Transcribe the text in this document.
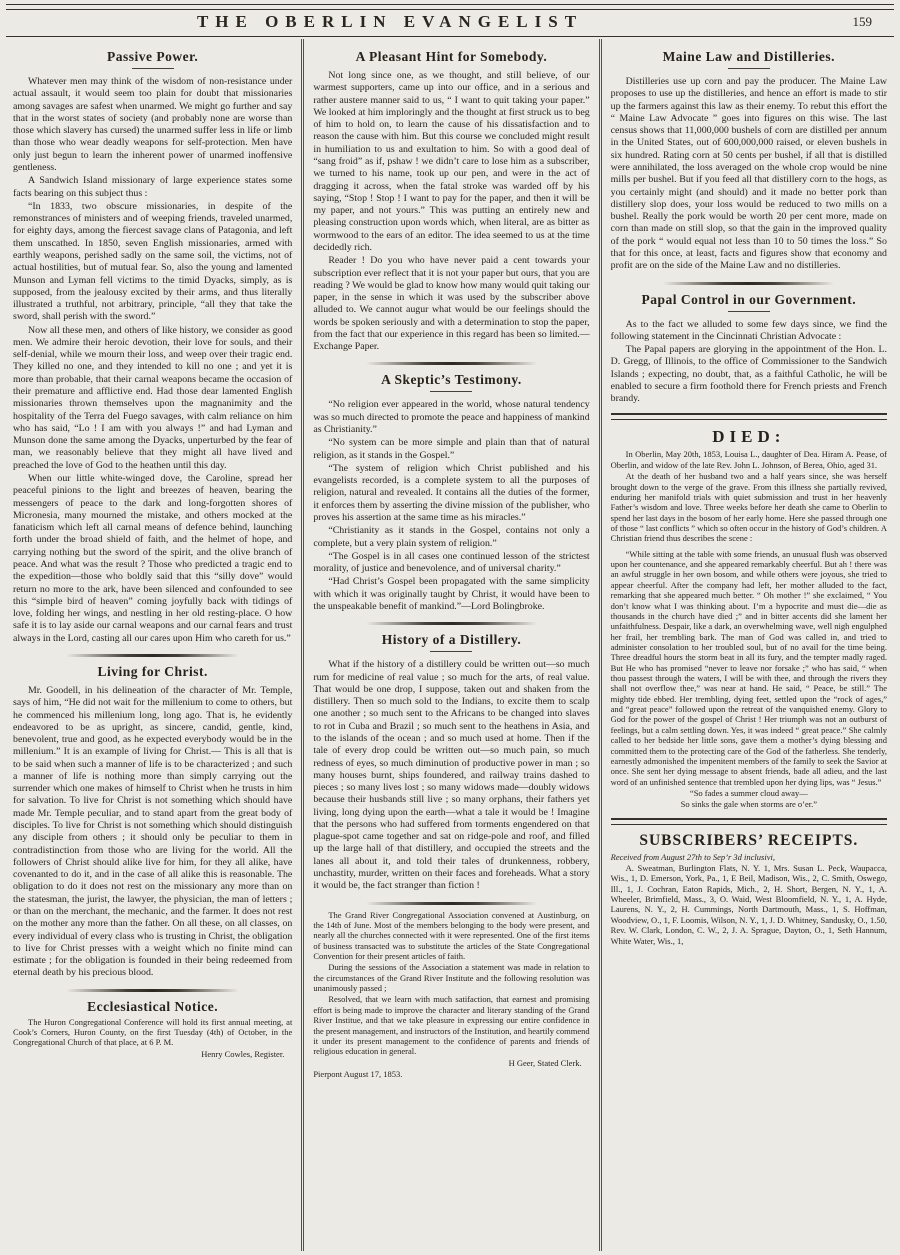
THE OBERLIN EVANGELIST	159
Passive Power.

Whatever men may think of the wisdom of non-resistance under actual assault, it would seem too plain for doubt that missionaries among savages are safest when unarmed. We might go further and say that in the worst states of society (and probably none are worse than those which slavery has cursed) the unarmed suffer less in life or limb than those who wear deadly weapons for self-protection. Men have only just begun to learn the inherent power of unarmed inoffensive gentleness.

A Sandwich Island missionary of large experience states some facts bearing on this subject thus :

“In 1833, two obscure missionaries, in despite of the remonstrances of ministers and of weeping friends, traveled unarmed, for eighty days, among the fiercest savage clans of Patagonia, and left them unscathed. In 1850, seven English missionaries, armed with earthly weapons, perished sadly on the same soil, the victims, not of actual hostilities, but of mutual fear. So, also the young and lamented Munson and Lyman fell victims to the timid Dyacks, simply, as is supposed, from the jealousy excited by their arms, and thus literally illustrated a truthful, not arbitrary, principle, “all they that take the sword, shall perish with the sword.”

Now all these men, and others of like history, we consider as good men. We admire their heroic devotion, their love for souls, and their self-denial, while we mourn their loss, and weep over their tragic end. They killed no one, and they intended to kill no one ; and yet it is more than probable, that their carnal weapons became the occasion of their premature and afflictive end. Had those dear lamented English missionaries thrown themselves upon the magnanimity and the hospitality of the Terra del Fuego savages, with calm reliance on him who has said, “Lo ! I am with you always !” and had Lyman and Munson done the same among the Dyacks, unperturbed by the fear of man, we reasonably believe that they might all have lived and preached the love of God to the heathen until this day.

When our little white-winged dove, the Caroline, spread her peaceful pinions to the light and breezes of heaven, bearing the messengers of peace to the dark and long-forgotten shores of Micronesia, many mourned the mistake, and others mocked at the fanaticism which left all carnal means of defence behind, launching forth under the broad shield of faith, and the helmet of hope, and carrying nothing but the sword of the spirit, and the olive branch of peace. And what was the result ? Those who predicted a tragic end to the expedition—those who boldly said that this “silly dove” would return no more to the ark, have been silenced and confounded to see this “simple bird of heaven” coming joyfully back with tidings of love, folding her wings, and nestling in her old resting-place. O how safe it is to lay aside our carnal weapons and our carnal fears and trust always in the Lord, casting all our cares upon Him who careth for us.”

Living for Christ.

Mr. Goodell, in his delineation of the character of Mr. Temple, says of him, “He did not wait for the millenium to come to others, but he commenced his millenium long, long ago. That is, he evidently endeavored to be as upright, as sincere, candid, gentle, kind, benevolent, true and good, as he expected everybody would be in the millenium.” It is an example of living for Christ.— This is all that is to be said when such a manner of life is to be characterized ; and such a manner of life is nothing more than simply carrying out the surrender which one makes of himself to Christ when he trusts in him for salvation. To live for Christ is not something which should have made Mr. Temple peculiar, and to stand apart from the great body of disciples. To live for Christ is not something which should distinguish any disciple from others ; it should only be peculiar to them in contradistinction from those who are living for the world. All the followers of Christ should alike live for him, for they all alike, have covenanted to do it, and in the case of all alike this is reasonable. The obligation to do it does not rest on the missionary any more than on the statesman, the jurist, the lawyer, the physician, the man of letters ; or than on the merchant, the mechanic, and the farmer. It does not rest on the mother any more than the father. On all these, on all classes, on every individual of every class who is trusting in Christ, the obligation to live for Christ presses with a weight which no finite mind can estimate ; for the obligation is founded in their being redeemed from eternal death by his precious blood.

Ecclesiastical Notice.

The Huron Congregational Conference will hold its first annual meeting, at Cook’s Corners, Huron County, on the first Tuesday (4th) of October, in the Congregational Church of that place, at 6 P. M.

Henry Cowles, Register.

A Pleasant Hint for Somebody.

Not long since one, as we thought, and still believe, of our warmest supporters, came up into our office, and in a serious and rather austere manner said to us, “ I want to quit taking your paper.” We looked at him imploringly and the thought at first struck us to beg of him to hold on, to learn the cause of his dissatisfaction and to reason the cause with him. But this course we concluded might result in humiliation to us and exultation to him. So with a good deal of “sang froid” as if, pshaw ! we didn’t care to lose him as a subscriber, we turned to his name, took up our pen, and were in the act of dragging it across, when the fatal stroke was warded off by his saying, “Stop ! Stop ! I want to pay for the paper, and then it will be my paper, and not yours.” This was putting an entirely new and pleasing construction upon words which, when literal, are as bitter as wormwood to the ears of an editor. The idea seemed to us at the time decidedly rich.

Reader ! Do you who have never paid a cent towards your subscription ever reflect that it is not your paper but ours, that you are reading ? We would be glad to know how many would quit taking our paper, in the sense in which it was used by the subscriber above alluded to. We cannot augur what would be our feelings should the words be spoken seriously and with a determination to stop the paper, from the fact that our experience in this regard has been so limited.—Exchange Paper.

A Skeptic’s Testimony.

“No religion ever appeared in the world, whose natural tendency was so much directed to promote the peace and happiness of mankind as Christianity.”

“No system can be more simple and plain than that of natural religion, as it stands in the Gospel.”

“The system of religion which Christ published and his evangelists recorded, is a complete system to all the purposes of religion, natural and revealed. It contains all the duties of the former, it enforces them by asserting the divine mission of the publisher, who proves his assertion at the same time as his miracles.”

“Christianity as it stands in the Gospel, contains not only a complete, but a very plain system of religion.”

“The Gospel is in all cases one continued lesson of the strictest morality, of justice and benevolence, and of universal charity.”

“Had Christ’s Gospel been propagated with the same simplicity with which it was originally taught by Christ, it would have been to the unspeakable benefit of mankind.”—Lord Bolingbroke.

History of a Distillery.

What if the history of a distillery could be written out—so much rum for medicine of real value ; so much for the arts, of real value. That would be one drop, I suppose, taken out and shaken from the distillery. Then so much sold to the Indians, to excite them to scalp one another ; so much sent to the Africans to be changed into slaves to rot in Cuba and Brazil ; so much sent to the heathens in Asia, and to the islands of the ocean ; and so much used at home. Then if the tale of every drop could be written out—so much pain, so much redness of eyes, so much diminution of productive power in man ; so many houses burnt, ships foundered, and railway trains dashed to pieces ; so many lives lost ; so many widows made—doubly widows because their husbands still live ; so many orphans, their fathers yet living, long dying upon the earth—what a tale it would be ! Imagine that the persons who had suffered from torments engendered on that plague-spot came together and sat on ridge-pole and roof, and filled up the large hall of that distillery, and occupied the streets and the lanes all about it, and told their tales of drunkenness, robbery, unchastity, murder, written on their faces and foreheads. What a story it would be, the fact stranger than fiction !

The Grand River Congregational Association convened at Austinburg, on the 14th of June. Most of the members belonging to the body were present, and nearly all the churches connected with it were represented. One of the first items of business transacted was to substitute the articles of the State Congregational Convention for their present articles of faith.

During the sessions of the Association a statement was made in relation to the circumstances of the Grand River Institute and the following resolution was unanimously passed ;

Resolved, that we learn with much satifaction, that earnest and promising effort is being made to improve the character and literary standing of the Grand River Institue, and that we take pleasure in expressing our entire confidence in the present management, and instructors of the Institution, and heartily commend it under its present management to the confidence of parents and friends of religious education in general.

H Geer, Stated Clerk.

Pierpont August 17, 1853.

Maine Law and Distilleries.

Distilleries use up corn and pay the producer. The Maine Law proposes to use up the distilleries, and hence an effort is made to stir up the farmers against this law as their enemy. To rebut this effort the “ Maine Law Advocate ” goes into figures on this wise. The last census shows that 11,000,000 bushels of corn are distilled per annum in the United States, out of 600,000,000 raised, or eleven bushels in six hundred. Rating corn at 50 cents per bushel, if all that is distilled were annihilated, the loss averaged on the whole crop would be nine mills per bushel. But if you feed all that distillery corn to the hogs, as you certainly might (and should) and it made no better pork than distillery slop does, your loss would be reduced to two mills on a bushel. Really the pork would be worth 20 per cent more, made on corn than made on still slop, so that the gain in the improved quality of the pork “ would equal not less than 10 to 50 times the loss.” So that for this once, at least, facts and figures show that economy and profit are on the side of the Maine Law and no distilleries.

Papal Control in our Government.

As to the fact we alluded to some few days since, we find the following statement in the Cincinnati Christian Advocate :

The Papal papers are glorying in the appointment of the Hon. L. D. Gregg, of Illinois, to the office of Commissioner to the Sandwich Islands ; expecting, no doubt, that, as a faithful Catholic, he will be enabled to secure a firm foothold there for French priests and French brandy.

DIED:

In Oberlin, May 20th, 1853, Louisa L., daughter of Dea. Hiram A. Pease, of Oberlin, and widow of the late Rev. John L. Johnson, of Berea, Ohio, aged 31.

At the death of her husband two and a half years since, she was herself brought down to the verge of the grave. From this illness she partially revived, enduring her manifold trials with quiet submission and trust in her heavenly Father’s wisdom and love. Three weeks before her death she came to Oberlin to spend her last days in the bosom of her early home. Here she passed through one of those “ last conflicts ” which so often occur in the history of God’s children. A Christian friend thus describes the scene :

“While sitting at the table with some friends, an unusual flush was observed upon her countenance, and she appeared remarkably cheerful. But ah ! there was an awful struggle in her own bosom, and while others were joyous, she tried to appear cheerful. After the company had left, her mother alluded to the fact, remarking that she appeared much better. “ Oh mother !” she exclaimed, “ You don’t know what I was thinking about. I’m a hypocrite and must die—die as thousands in the church have died ;” and in bitter accents did she lament her unfaithfulness. Despair, like a dark, an overwhelming wave, well nigh engulphed her frail, her trembling bark. The man of God was called in, and tried to administer consolation to her troubled soul, but of no avail for the time being. Three dreadful hours the storm beat in all its fury, and the tempter madly raged. But He who has promised “never to leave nor forsake ;” who has said, “ when thou passest through the waters, I will be with thee, and through the rivers they shall not overflow thee,” was near at hand. He said, “ Peace, be still.” The mighty tide ebbed. Her trembling, dying feet, settled upon the “rock of ages,” and “great peace” followed upon the retreat of the vanquished enemy. Glory to God for the power of the gospel of Christ ! Her triumph was not an outburst of feelings, but a calm settling down. Yes, it was indeed “ great peace.” She calmly called to her bedside her little sons, gave them a mother’s dying blessing and committed them to the protecting care of the God of the fatherless. She tenderly, earnestly admonished the impenitent members of the family to seek the Savior at once. She sent her dying message to absent friends, bade all adieu, and the last word of an unfinished sentence that trembled upon her dying lips, was “ Jesus.”

“So fades a summer cloud away—

So sinks the gale when storms are o’er.”

SUBSCRIBERS’ RECEIPTS.

Received from August 27th to Sep’r 3d inclusivi,

A. Sweatman, Burlington Flats, N. Y. 1, Mrs. Susan L. Peck, Waupacca, Wis., 1, D. Emerson, York, Pa., 1, E Beil, Madison, Wis., 2, C. Smith, Oswego, Ill., 1, J. Cochran, Eaton Rapids, Mich., 2, H. Short, Bergen, N. Y., 1, A. Wheeler, Brimfield, Mass., 3, O. Waid, West Bloomfield, N. Y., 1, A. Hyde, Laurens, N. Y., 2, H. Cummings, North Dartmouth, Mass., 1, S. Hoffman, Woodview, O., 1, F. Loomis, Wilson, N. Y., 1, J. D. Whitney, Sandusky, O., 1.50, Rev. W. Clark, London, C. W., 2, J. A. Sprague, Dayton, O., 1, Seth Hannum, White Water, Wis., 1,
